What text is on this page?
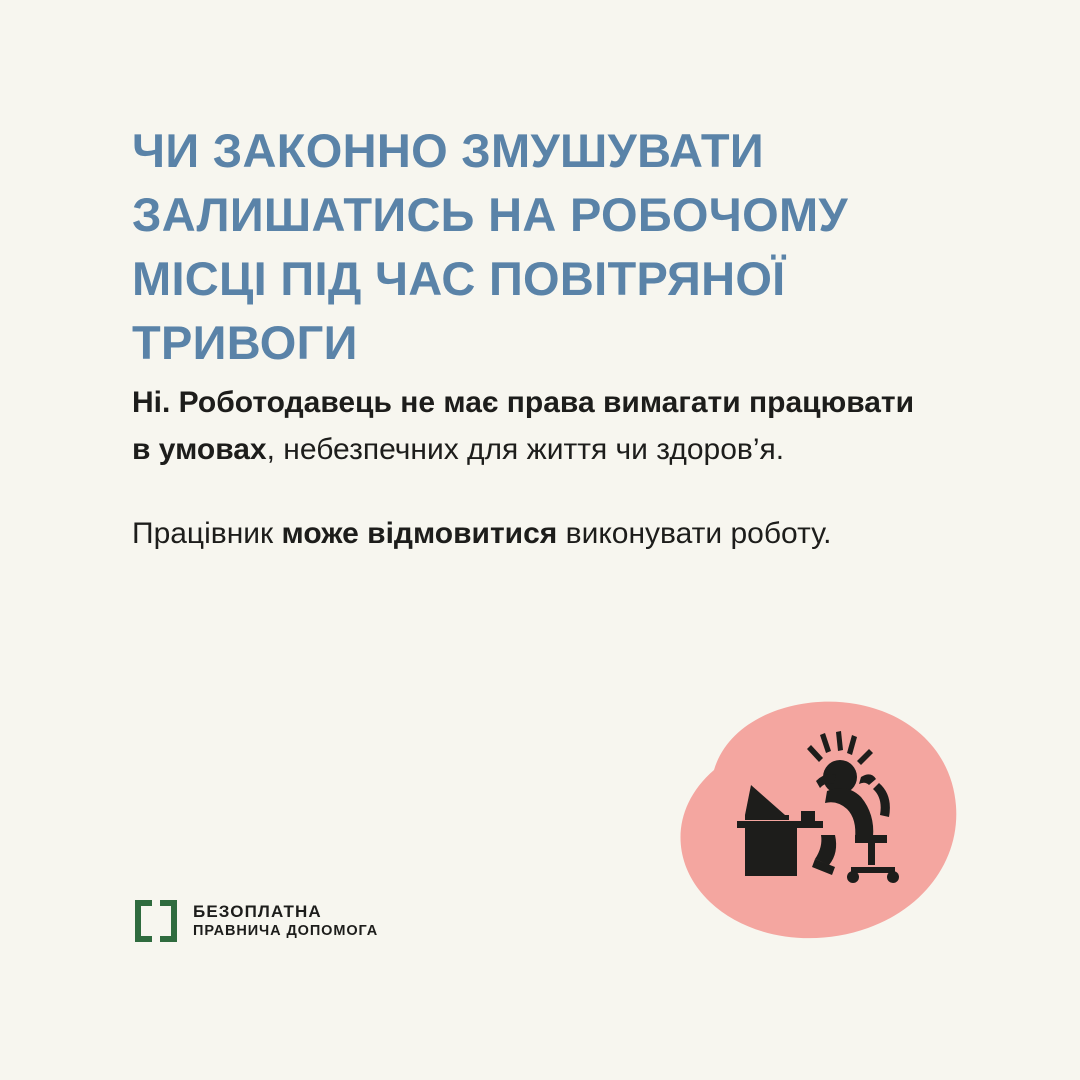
ЧИ ЗАКОННО ЗМУШУВАТИ ЗАЛИШАТИСЬ НА РОБОЧОМУ МІСЦІ ПІД ЧАС ПОВІТРЯНОЇ ТРИВОГИ

Ні. Роботодавець не має права вимагати працювати в умовах, небезпечних для життя чи здоров’я.

Працівник може відмовитися виконувати роботу.

БЕЗОПЛАТНА
ПРАВНИЧА ДОПОМОГА
